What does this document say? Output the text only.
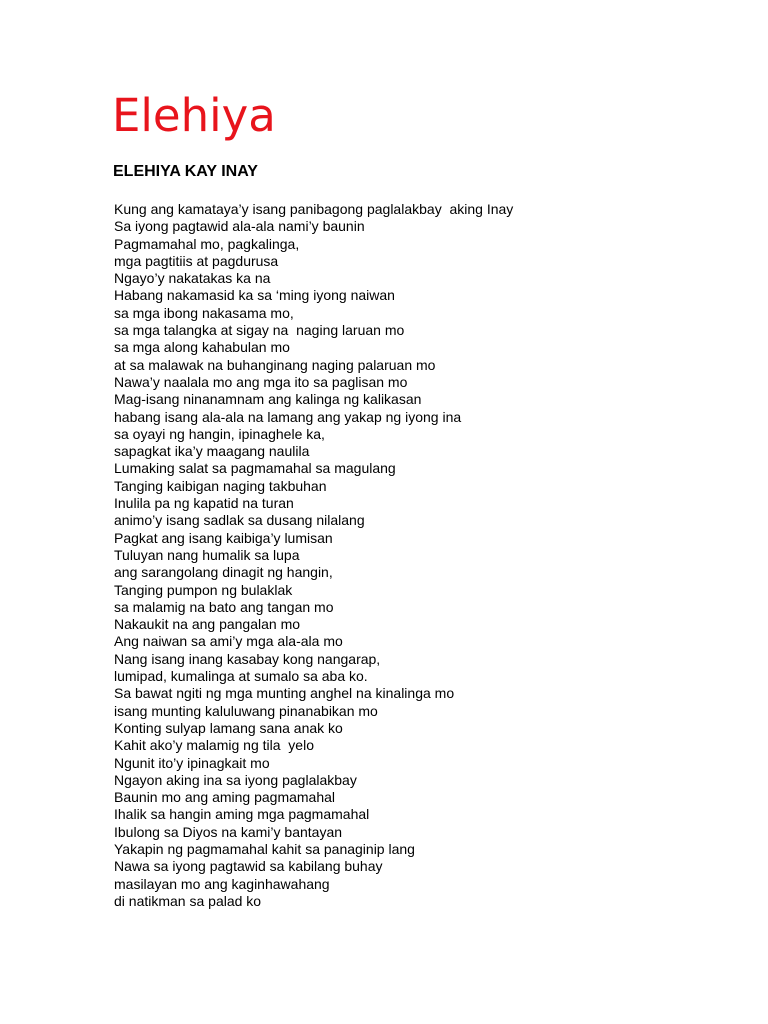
Elehiya
ELEHIYA KAY INAY
Kung ang kamataya’y isang panibagong paglalakbay  aking Inay
Sa iyong pagtawid ala-ala nami’y baunin
Pagmamahal mo, pagkalinga,
mga pagtitiis at pagdurusa
Ngayo’y nakatakas ka na
Habang nakamasid ka sa ‘ming iyong naiwan
sa mga ibong nakasama mo,
sa mga talangka at sigay na  naging laruan mo
sa mga along kahabulan mo
at sa malawak na buhanginang naging palaruan mo
Nawa’y naalala mo ang mga ito sa paglisan mo
Mag-isang ninanamnam ang kalinga ng kalikasan
habang isang ala-ala na lamang ang yakap ng iyong ina
sa oyayi ng hangin, ipinaghele ka,
sapagkat ika’y maagang naulila
Lumaking salat sa pagmamahal sa magulang
Tanging kaibigan naging takbuhan
Inulila pa ng kapatid na turan
animo’y isang sadlak sa dusang nilalang
Pagkat ang isang kaibiga’y lumisan
Tuluyan nang humalik sa lupa
ang sarangolang dinagit ng hangin,
Tanging pumpon ng bulaklak
sa malamig na bato ang tangan mo
Nakaukit na ang pangalan mo
Ang naiwan sa ami’y mga ala-ala mo
Nang isang inang kasabay kong nangarap,
lumipad, kumalinga at sumalo sa aba ko.
Sa bawat ngiti ng mga munting anghel na kinalinga mo
isang munting kaluluwang pinanabikan mo
Konting sulyap lamang sana anak ko
Kahit ako’y malamig ng tila  yelo
Ngunit ito’y ipinagkait mo
Ngayon aking ina sa iyong paglalakbay
Baunin mo ang aming pagmamahal
Ihalik sa hangin aming mga pagmamahal
Ibulong sa Diyos na kami’y bantayan
Yakapin ng pagmamahal kahit sa panaginip lang
Nawa sa iyong pagtawid sa kabilang buhay
masilayan mo ang kaginhawahang
di natikman sa palad ko
